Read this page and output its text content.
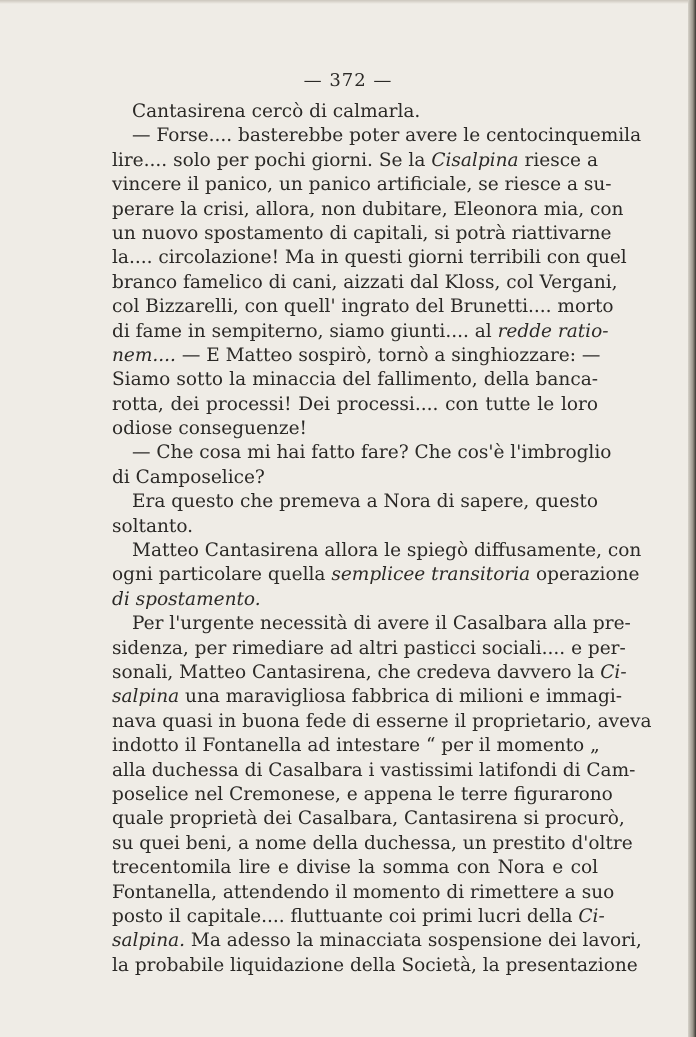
— 372 —
Cantasirena cercò di calmarla.
— Forse.... basterebbe poter avere le centocinquemila
lire.... solo per pochi giorni. Se la Cisalpina riesce a
vincere il panico, un panico artificiale, se riesce a su-
perare la crisi, allora, non dubitare, Eleonora mia, con
un nuovo spostamento di capitali, si potrà riattivarne
la.... circolazione! Ma in questi giorni terribili con quel
branco famelico di cani, aizzati dal Kloss, col Vergani,
col Bizzarelli, con quell' ingrato del Brunetti.... morto
di fame in sempiterno, siamo giunti.... al redde ratio-
nem.... — E Matteo sospirò, tornò a singhiozzare: —
Siamo sotto la minaccia del fallimento, della banca-
rotta, dei processi! Dei processi.... con tutte le loro
odiose conseguenze!
— Che cosa mi hai fatto fare? Che cos'è l'imbroglio
di Camposelice?
Era questo che premeva a Nora di sapere, questo
soltanto.
Matteo Cantasirena allora le spiegò diffusamente, con
ogni particolare quella semplicee transitoria operazione
di spostamento.
Per l'urgente necessità di avere il Casalbara alla pre-
sidenza, per rimediare ad altri pasticci sociali.... e per-
sonali, Matteo Cantasirena, che credeva davvero la Ci-
salpina una maravigliosa fabbrica di milioni e immagi-
nava quasi in buona fede di esserne il proprietario, aveva
indotto il Fontanella ad intestare “ per il momento „
alla duchessa di Casalbara i vastissimi latifondi di Cam-
poselice nel Cremonese, e appena le terre figurarono
quale proprietà dei Casalbara, Cantasirena si procurò,
su quei beni, a nome della duchessa, un prestito d'oltre
trecentomila lire e divise la somma con Nora e col
Fontanella, attendendo il momento di rimettere a suo
posto il capitale.... fluttuante coi primi lucri della Ci-
salpina. Ma adesso la minacciata sospensione dei lavori,
la probabile liquidazione della Società, la presentazione
